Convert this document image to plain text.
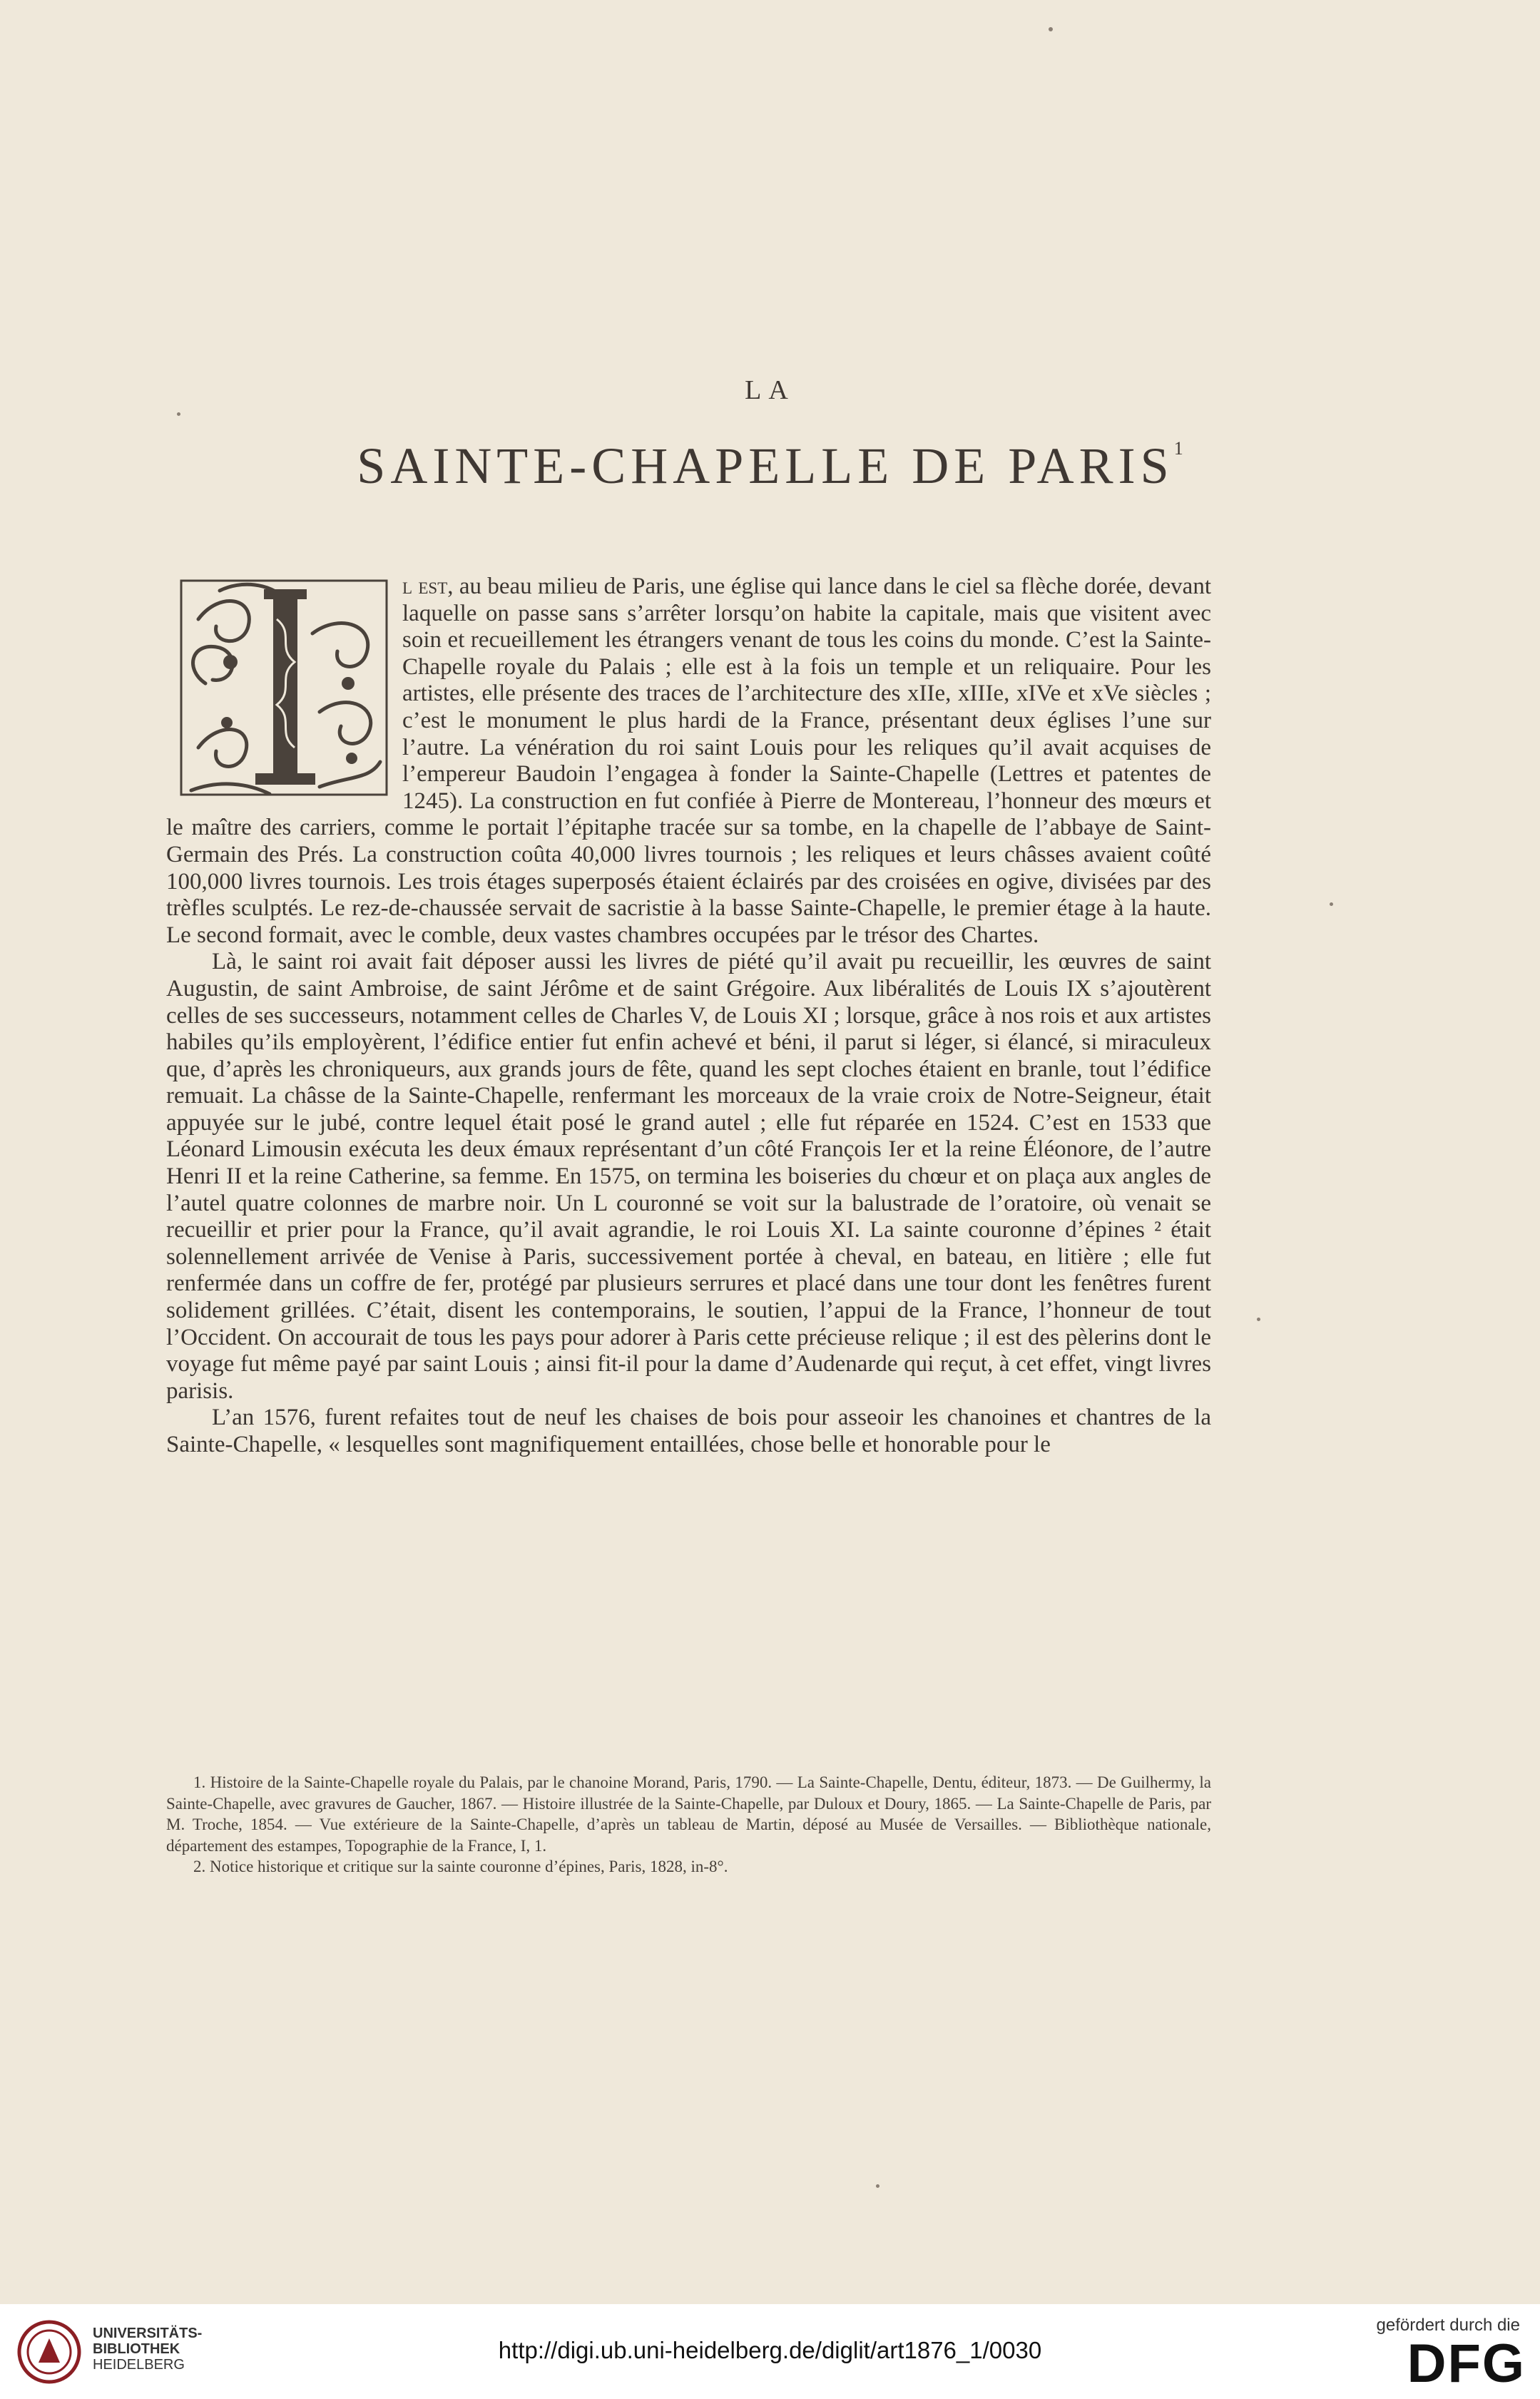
LA
SAINTE-CHAPELLE DE PARIS$^1$

l est, au beau milieu de Paris, une église qui lance dans le ciel sa flèche dorée, devant laquelle on passe sans s’arrêter lorsqu’on habite la capitale, mais que visitent avec soin et recueillement les étrangers venant de tous les coins du monde. C’est la Sainte-Chapelle royale du Palais ; elle est à la fois un temple et un reliquaire. Pour les artistes, elle présente des traces de l’architecture des xIIe, xIIIe, xIVe et xVe siècles ; c’est le monument le plus hardi de la France, présentant deux églises l’une sur l’autre. La vénération du roi saint Louis pour les reliques qu’il avait acquises de l’empereur Baudoin l’engagea à fonder la Sainte-Chapelle (Lettres et patentes de 1245). La construction en fut confiée à Pierre de Montereau, l’honneur des mœurs et le maître des carriers, comme le portait l’épitaphe tracée sur sa tombe, en la chapelle de l’abbaye de Saint-Germain des Prés. La construction coûta 40,000 livres tournois ; les reliques et leurs châsses avaient coûté 100,000 livres tournois. Les trois étages superposés étaient éclairés par des croisées en ogive, divisées par des trèfles sculptés. Le rez-de-chaussée servait de sacristie à la basse Sainte-Chapelle, le premier étage à la haute. Le second formait, avec le comble, deux vastes chambres occupées par le trésor des Chartes.

Là, le saint roi avait fait déposer aussi les livres de piété qu’il avait pu recueillir, les œuvres de saint Augustin, de saint Ambroise, de saint Jérôme et de saint Grégoire. Aux libéralités de Louis IX s’ajoutèrent celles de ses successeurs, notamment celles de Charles V, de Louis XI ; lorsque, grâce à nos rois et aux artistes habiles qu’ils employèrent, l’édifice entier fut enfin achevé et béni, il parut si léger, si élancé, si miraculeux que, d’après les chroniqueurs, aux grands jours de fête, quand les sept cloches étaient en branle, tout l’édifice remuait. La châsse de la Sainte-Chapelle, renfermant les morceaux de la vraie croix de Notre-Seigneur, était appuyée sur le jubé, contre lequel était posé le grand autel ; elle fut réparée en 1524. C’est en 1533 que Léonard Limousin exécuta les deux émaux représentant d’un côté François Ier et la reine Éléonore, de l’autre Henri II et la reine Catherine, sa femme. En 1575, on termina les boiseries du chœur et on plaça aux angles de l’autel quatre colonnes de marbre noir. Un L couronné se voit sur la balustrade de l’oratoire, où venait se recueillir et prier pour la France, qu’il avait agrandie, le roi Louis XI. La sainte couronne d’épines ² était solennellement arrivée de Venise à Paris, successivement portée à cheval, en bateau, en litière ; elle fut renfermée dans un coffre de fer, protégé par plusieurs serrures et placé dans une tour dont les fenêtres furent solidement grillées. C’était, disent les contemporains, le soutien, l’appui de la France, l’honneur de tout l’Occident. On accourait de tous les pays pour adorer à Paris cette précieuse relique ; il est des pèlerins dont le voyage fut même payé par saint Louis ; ainsi fit-il pour la dame d’Audenarde qui reçut, à cet effet, vingt livres parisis.

L’an 1576, furent refaites tout de neuf les chaises de bois pour asseoir les chanoines et chantres de la Sainte-Chapelle, « lesquelles sont magnifiquement entaillées, chose belle et honorable pour le

1. Histoire de la Sainte-Chapelle royale du Palais, par le chanoine Morand, Paris, 1790. — La Sainte-Chapelle, Dentu, éditeur, 1873. — De Guilhermy, la Sainte-Chapelle, avec gravures de Gaucher, 1867. — Histoire illustrée de la Sainte-Chapelle, par Duloux et Doury, 1865. — La Sainte-Chapelle de Paris, par M. Troche, 1854. — Vue extérieure de la Sainte-Chapelle, d’après un tableau de Martin, déposé au Musée de Versailles. — Bibliothèque nationale, département des estampes, Topographie de la France, I, 1.

2. Notice historique et critique sur la sainte couronne d’épines, Paris, 1828, in-8°.

UNIVERSITÄTS-
BIBLIOTHEK
HEIDELBERG
http://digi.ub.uni-heidelberg.de/diglit/art1876_1/0030
gefördert durch die
DFG
